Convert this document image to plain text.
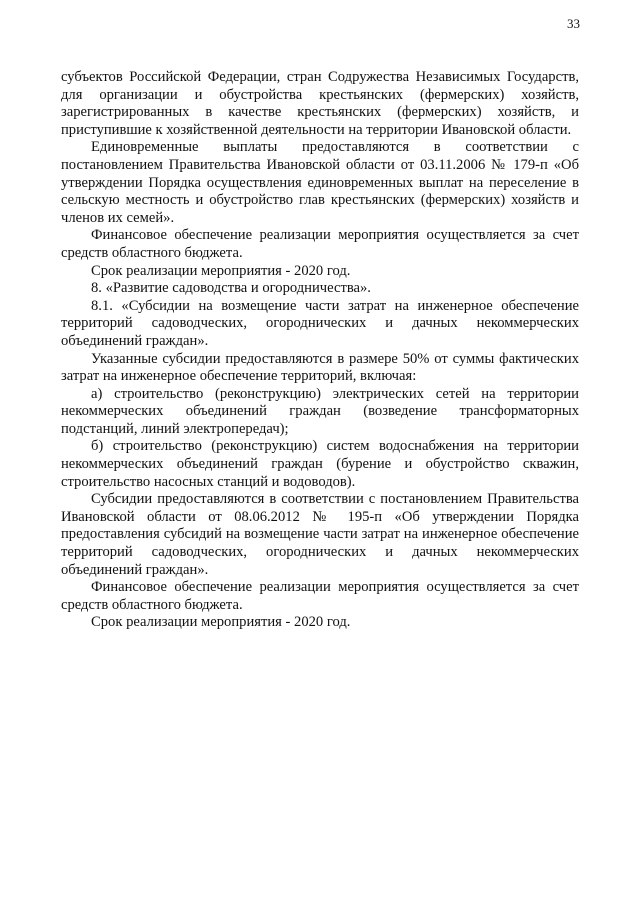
33

субъектов Российской Федерации, стран Содружества Независимых Государств, для организации и обустройства крестьянских (фермерских) хозяйств, зарегистрированных в качестве крестьянских (фермерских) хозяйств, и приступившие к хозяйственной деятельности на территории Ивановской области.

Единовременные выплаты предоставляются в соответствии с постановлением Правительства Ивановской области от 03.11.2006 № 179-п «Об утверждении Порядка осуществления единовременных выплат на переселение в сельскую местность и обустройство глав крестьянских (фермерских) хозяйств и членов их семей».

Финансовое обеспечение реализации мероприятия осуществляется за счет средств областного бюджета.

Срок реализации мероприятия - 2020 год.

8. «Развитие садоводства и огородничества».

8.1. «Субсидии на возмещение части затрат на инженерное обеспечение территорий садоводческих, огороднических и дачных некоммерческих объединений граждан».

Указанные субсидии предоставляются в размере 50% от суммы фактических затрат на инженерное обеспечение территорий, включая:

а) строительство (реконструкцию) электрических сетей на территории некоммерческих объединений граждан (возведение трансформаторных подстанций, линий электропередач);

б) строительство (реконструкцию) систем водоснабжения на территории некоммерческих объединений граждан (бурение и обустройство скважин, строительство насосных станций и водоводов).

Субсидии предоставляются в соответствии с постановлением Правительства Ивановской области от 08.06.2012 № 195-п «Об утверждении Порядка предоставления субсидий на возмещение части затрат на инженерное обеспечение территорий садоводческих, огороднических и дачных некоммерческих объединений граждан».

Финансовое обеспечение реализации мероприятия осуществляется за счет средств областного бюджета.

Срок реализации мероприятия - 2020 год.
